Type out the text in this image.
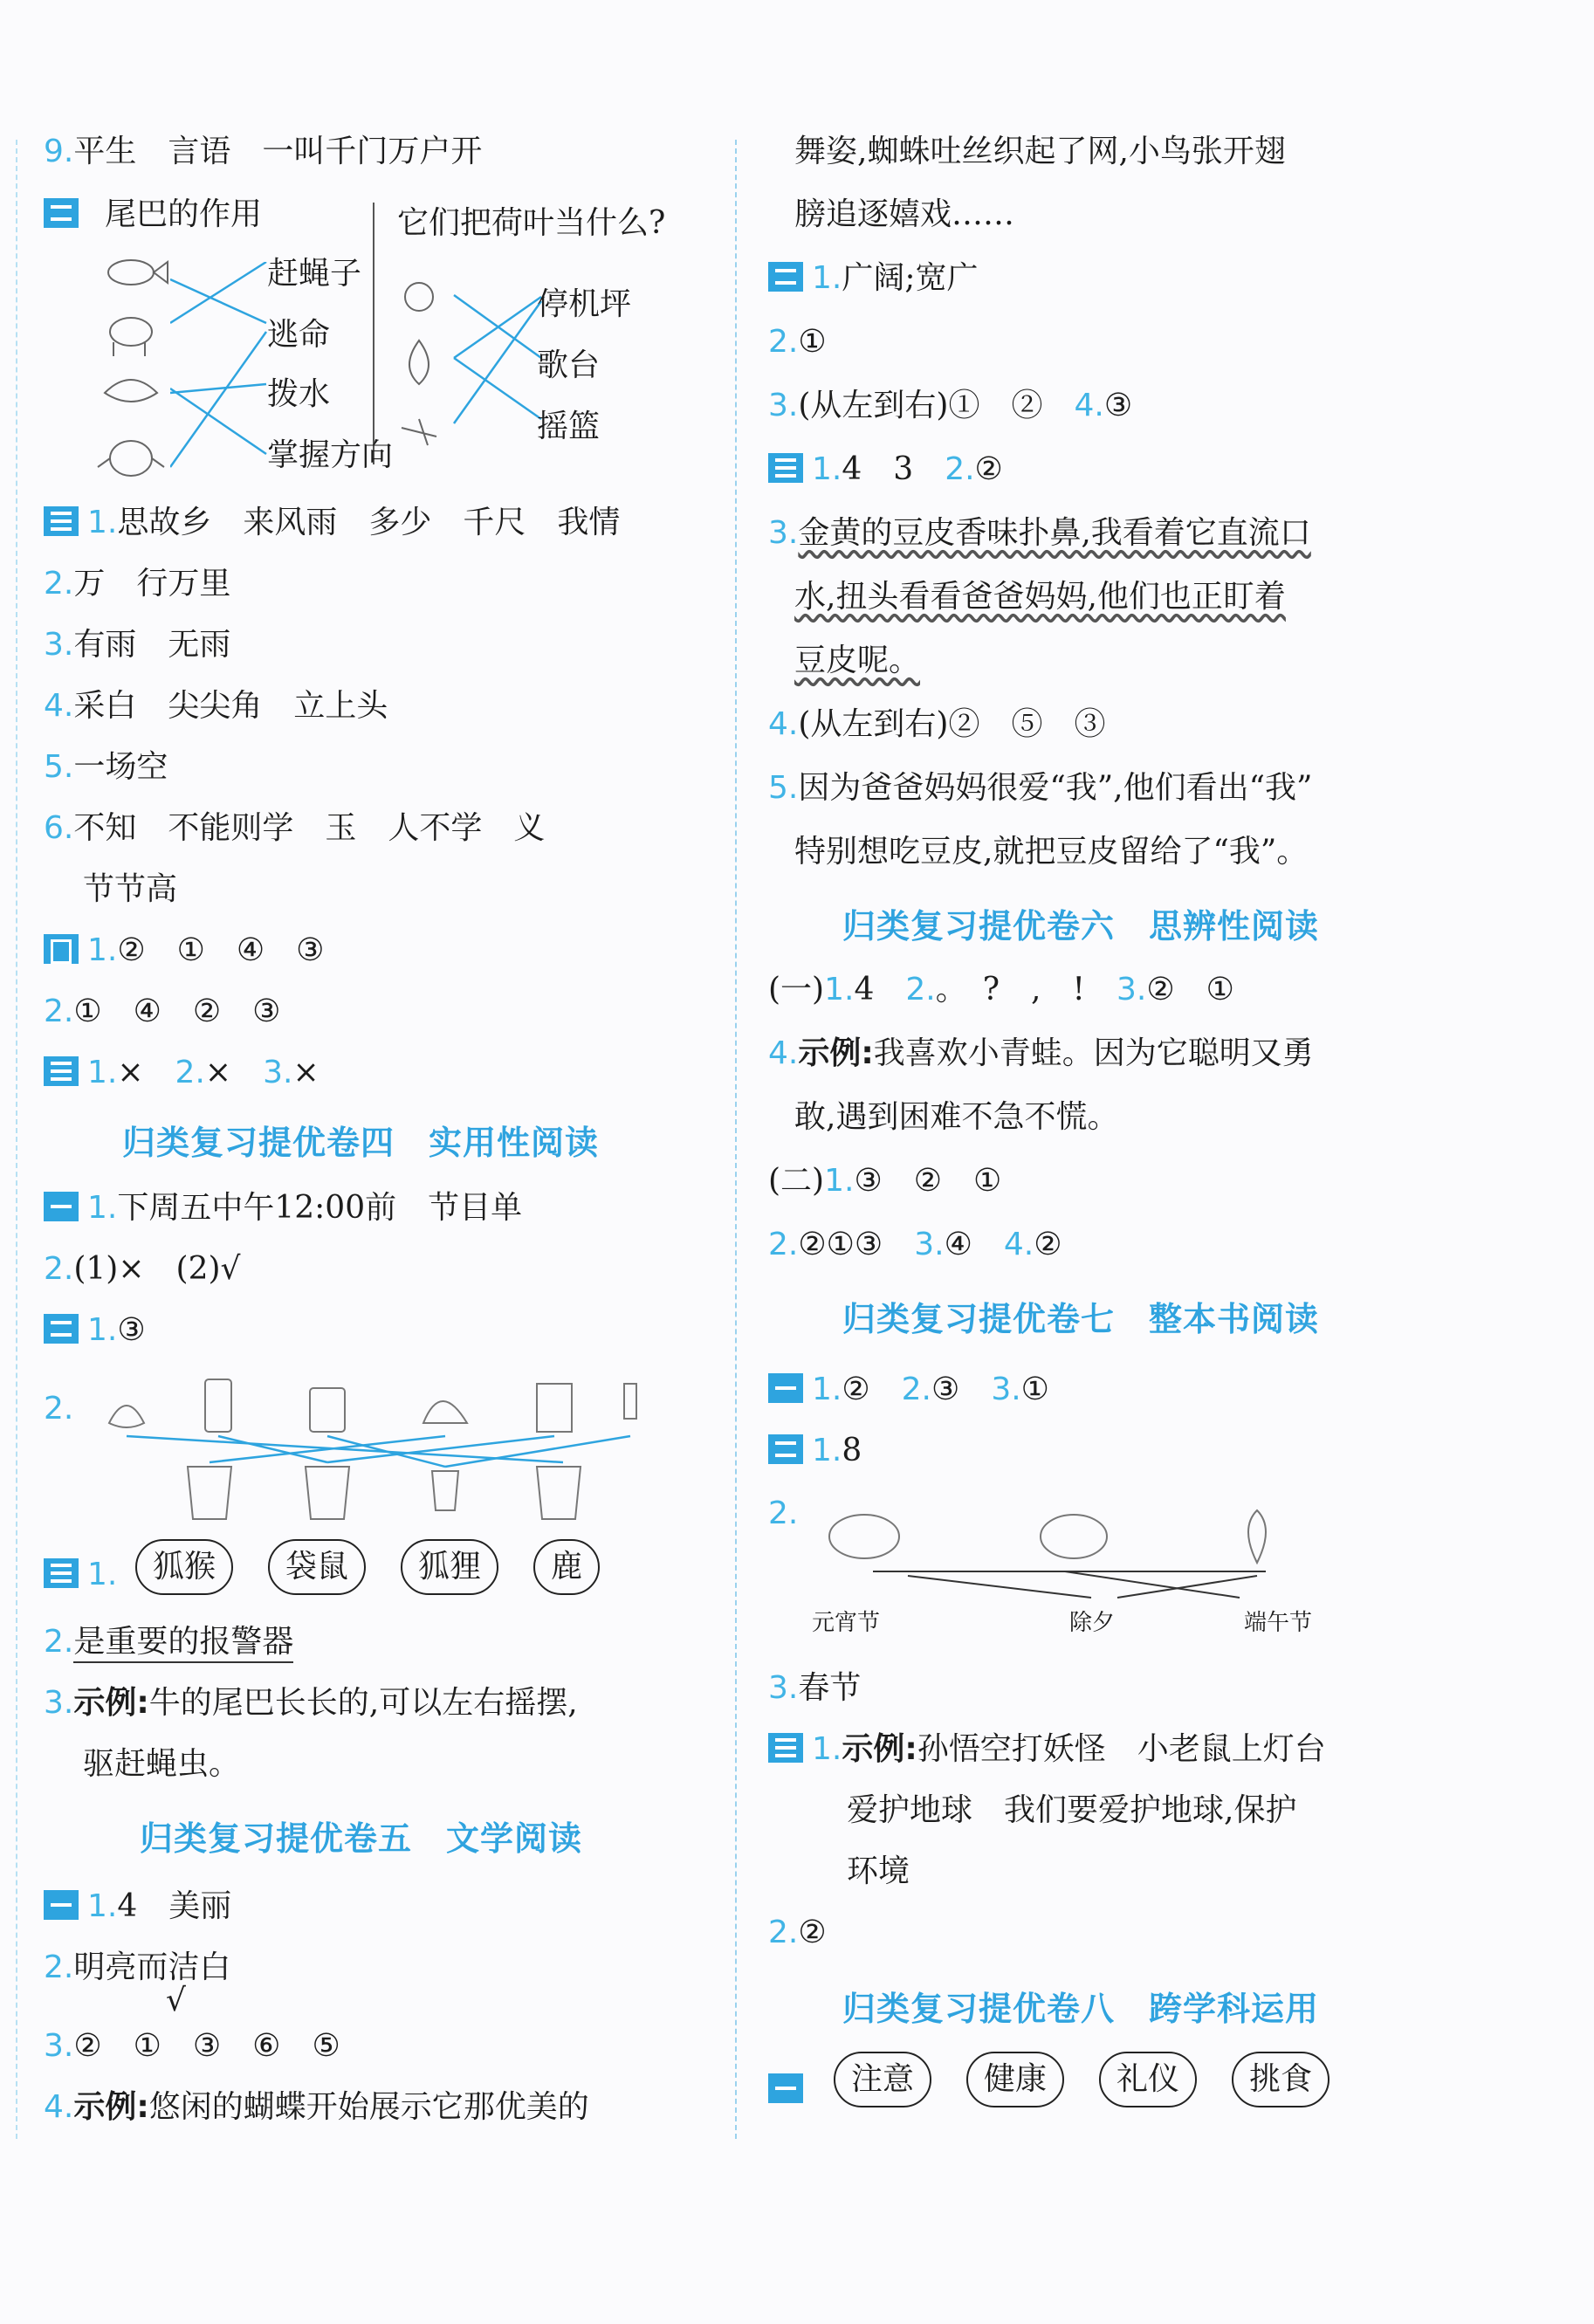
9.平生　言语　一叫千门万户开
尾巴的作用	它们把荷叶当什么?
赶蝇子
逃命
拨水
掌握方向
停机坪
歌台
摇篮
1.思故乡　来风雨　多少　千尺　我情
2.万　行万里
3.有雨　无雨
4.采白　尖尖角　立上头
5.一场空
6.不知　不能则学　玉　人不学　义
节节高
1.②　①　④　③
2.①　④　②　③
1.×　 2.×　 3.×
归类复习提优卷四　实用性阅读
1.下周五中午12:00前　节目单
2.(1)×　(2)√
1.③
2.
1.	狐猴 袋鼠 狐狸 鹿
2.是重要的报警器
3.示例:牛的尾巴长长的,可以左右摇摆,
驱赶蝇虫。
归类复习提优卷五　文学阅读
1.4　美丽
2.明亮而洁白
√
3.②　①　③　⑥　⑤
4.示例:悠闲的蝴蝶开始展示它那优美的
舞姿,蜘蛛吐丝织起了网,小鸟张开翅
膀追逐嬉戏……
1.广阔;宽广
2.①
3.(从左到右)①　②　 4.③
1.4　3　 2.②
3.金黄的豆皮香味扑鼻,我看着它直流口
水,扭头看看爸爸妈妈,他们也正盯着
豆皮呢。
4.(从左到右)②　⑤　③
5.因为爸爸妈妈很爱“我”,他们看出“我”
特别想吃豆皮,就把豆皮留给了“我”。
归类复习提优卷六　思辨性阅读
(一)1.4　 2.。　?　,　!　 3.②　①
4.示例:我喜欢小青蛙。因为它聪明又勇
敢,遇到困难不急不慌。
(二)1.③　②　①
2.②①③　 3.④　 4.②
归类复习提优卷七　整本书阅读
1.②　 2.③　 3.①
1.8
2.
元宵节	除夕	端午节
3.春节
1.示例:孙悟空打妖怪　小老鼠上灯台
爱护地球　我们要爱护地球,保护
环境
2.②
归类复习提优卷八　跨学科运用
注意 健康 礼仪 挑食
